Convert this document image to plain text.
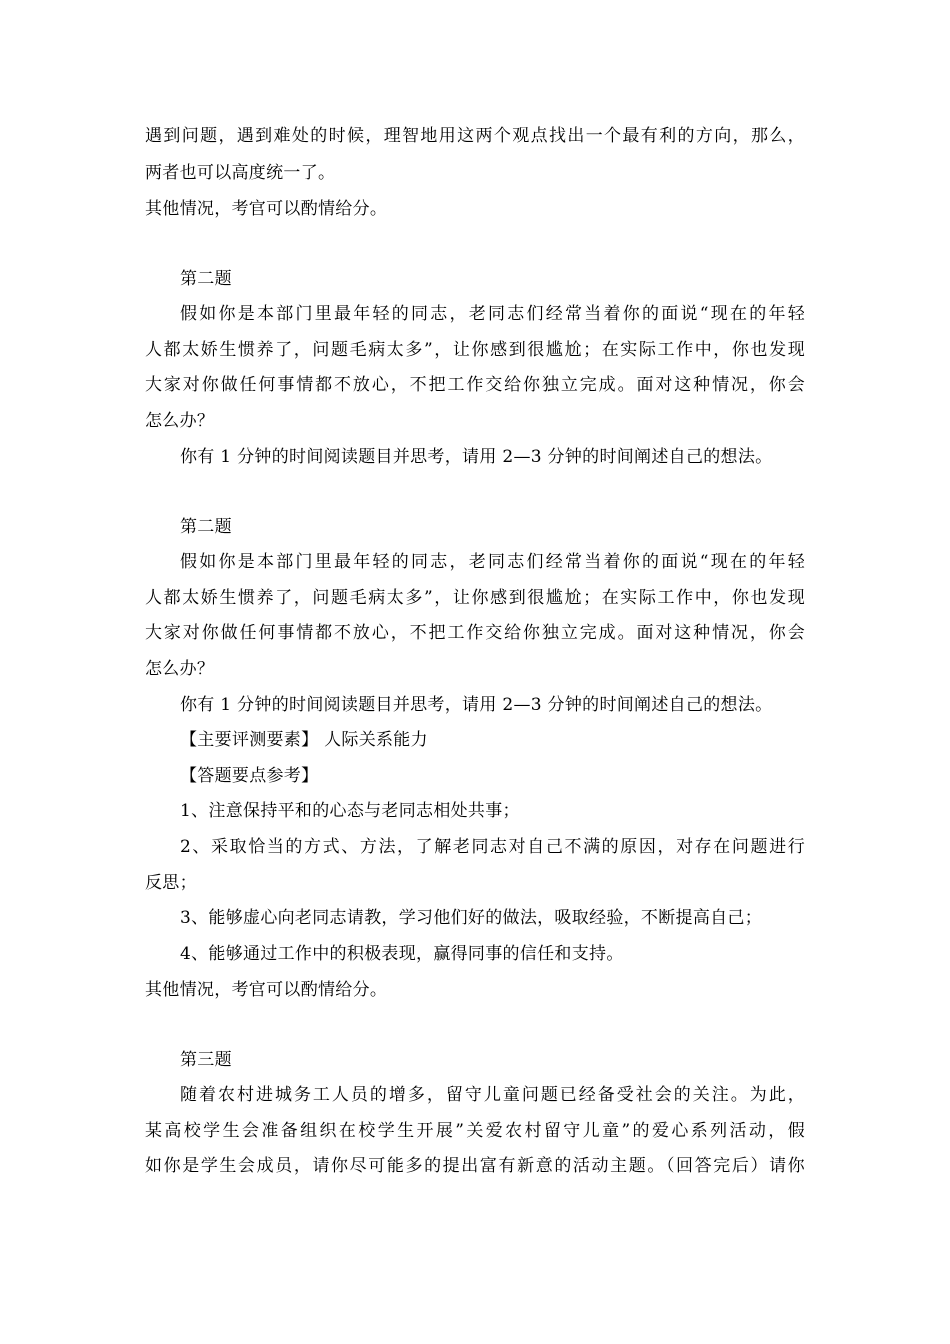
遇到问题，遇到难处的时候，理智地用这两个观点找出一个最有利的方向，那么，
两者也可以高度统一了。
其他情况，考官可以酌情给分。
第二题
假如你是本部门里最年轻的同志，老同志们经常当着你的面说“现在的年轻
人都太娇生惯养了，问题毛病太多”，让你感到很尴尬；在实际工作中，你也发现
大家对你做任何事情都不放心，不把工作交给你独立完成。面对这种情况，你会
怎么办？
你有 1 分钟的时间阅读题目并思考，请用 2—3 分钟的时间阐述自己的想法。
第二题
假如你是本部门里最年轻的同志，老同志们经常当着你的面说“现在的年轻
人都太娇生惯养了，问题毛病太多”，让你感到很尴尬；在实际工作中，你也发现
大家对你做任何事情都不放心，不把工作交给你独立完成。面对这种情况，你会
怎么办？
你有 1 分钟的时间阅读题目并思考，请用 2—3 分钟的时间阐述自己的想法。
【主要评测要素】 人际关系能力
【答题要点参考】
1、注意保持平和的心态与老同志相处共事；
2、采取恰当的方式、方法，了解老同志对自己不满的原因，对存在问题进行
反思；
3、能够虚心向老同志请教，学习他们好的做法，吸取经验，不断提高自己；
4、能够通过工作中的积极表现，赢得同事的信任和支持。
其他情况，考官可以酌情给分。
第三题
随着农村进城务工人员的增多，留守儿童问题已经备受社会的关注。为此，
某高校学生会准备组织在校学生开展”关爱农村留守儿童”的爱心系列活动，假
如你是学生会成员，请你尽可能多的提出富有新意的活动主题。（回答完后）请你
